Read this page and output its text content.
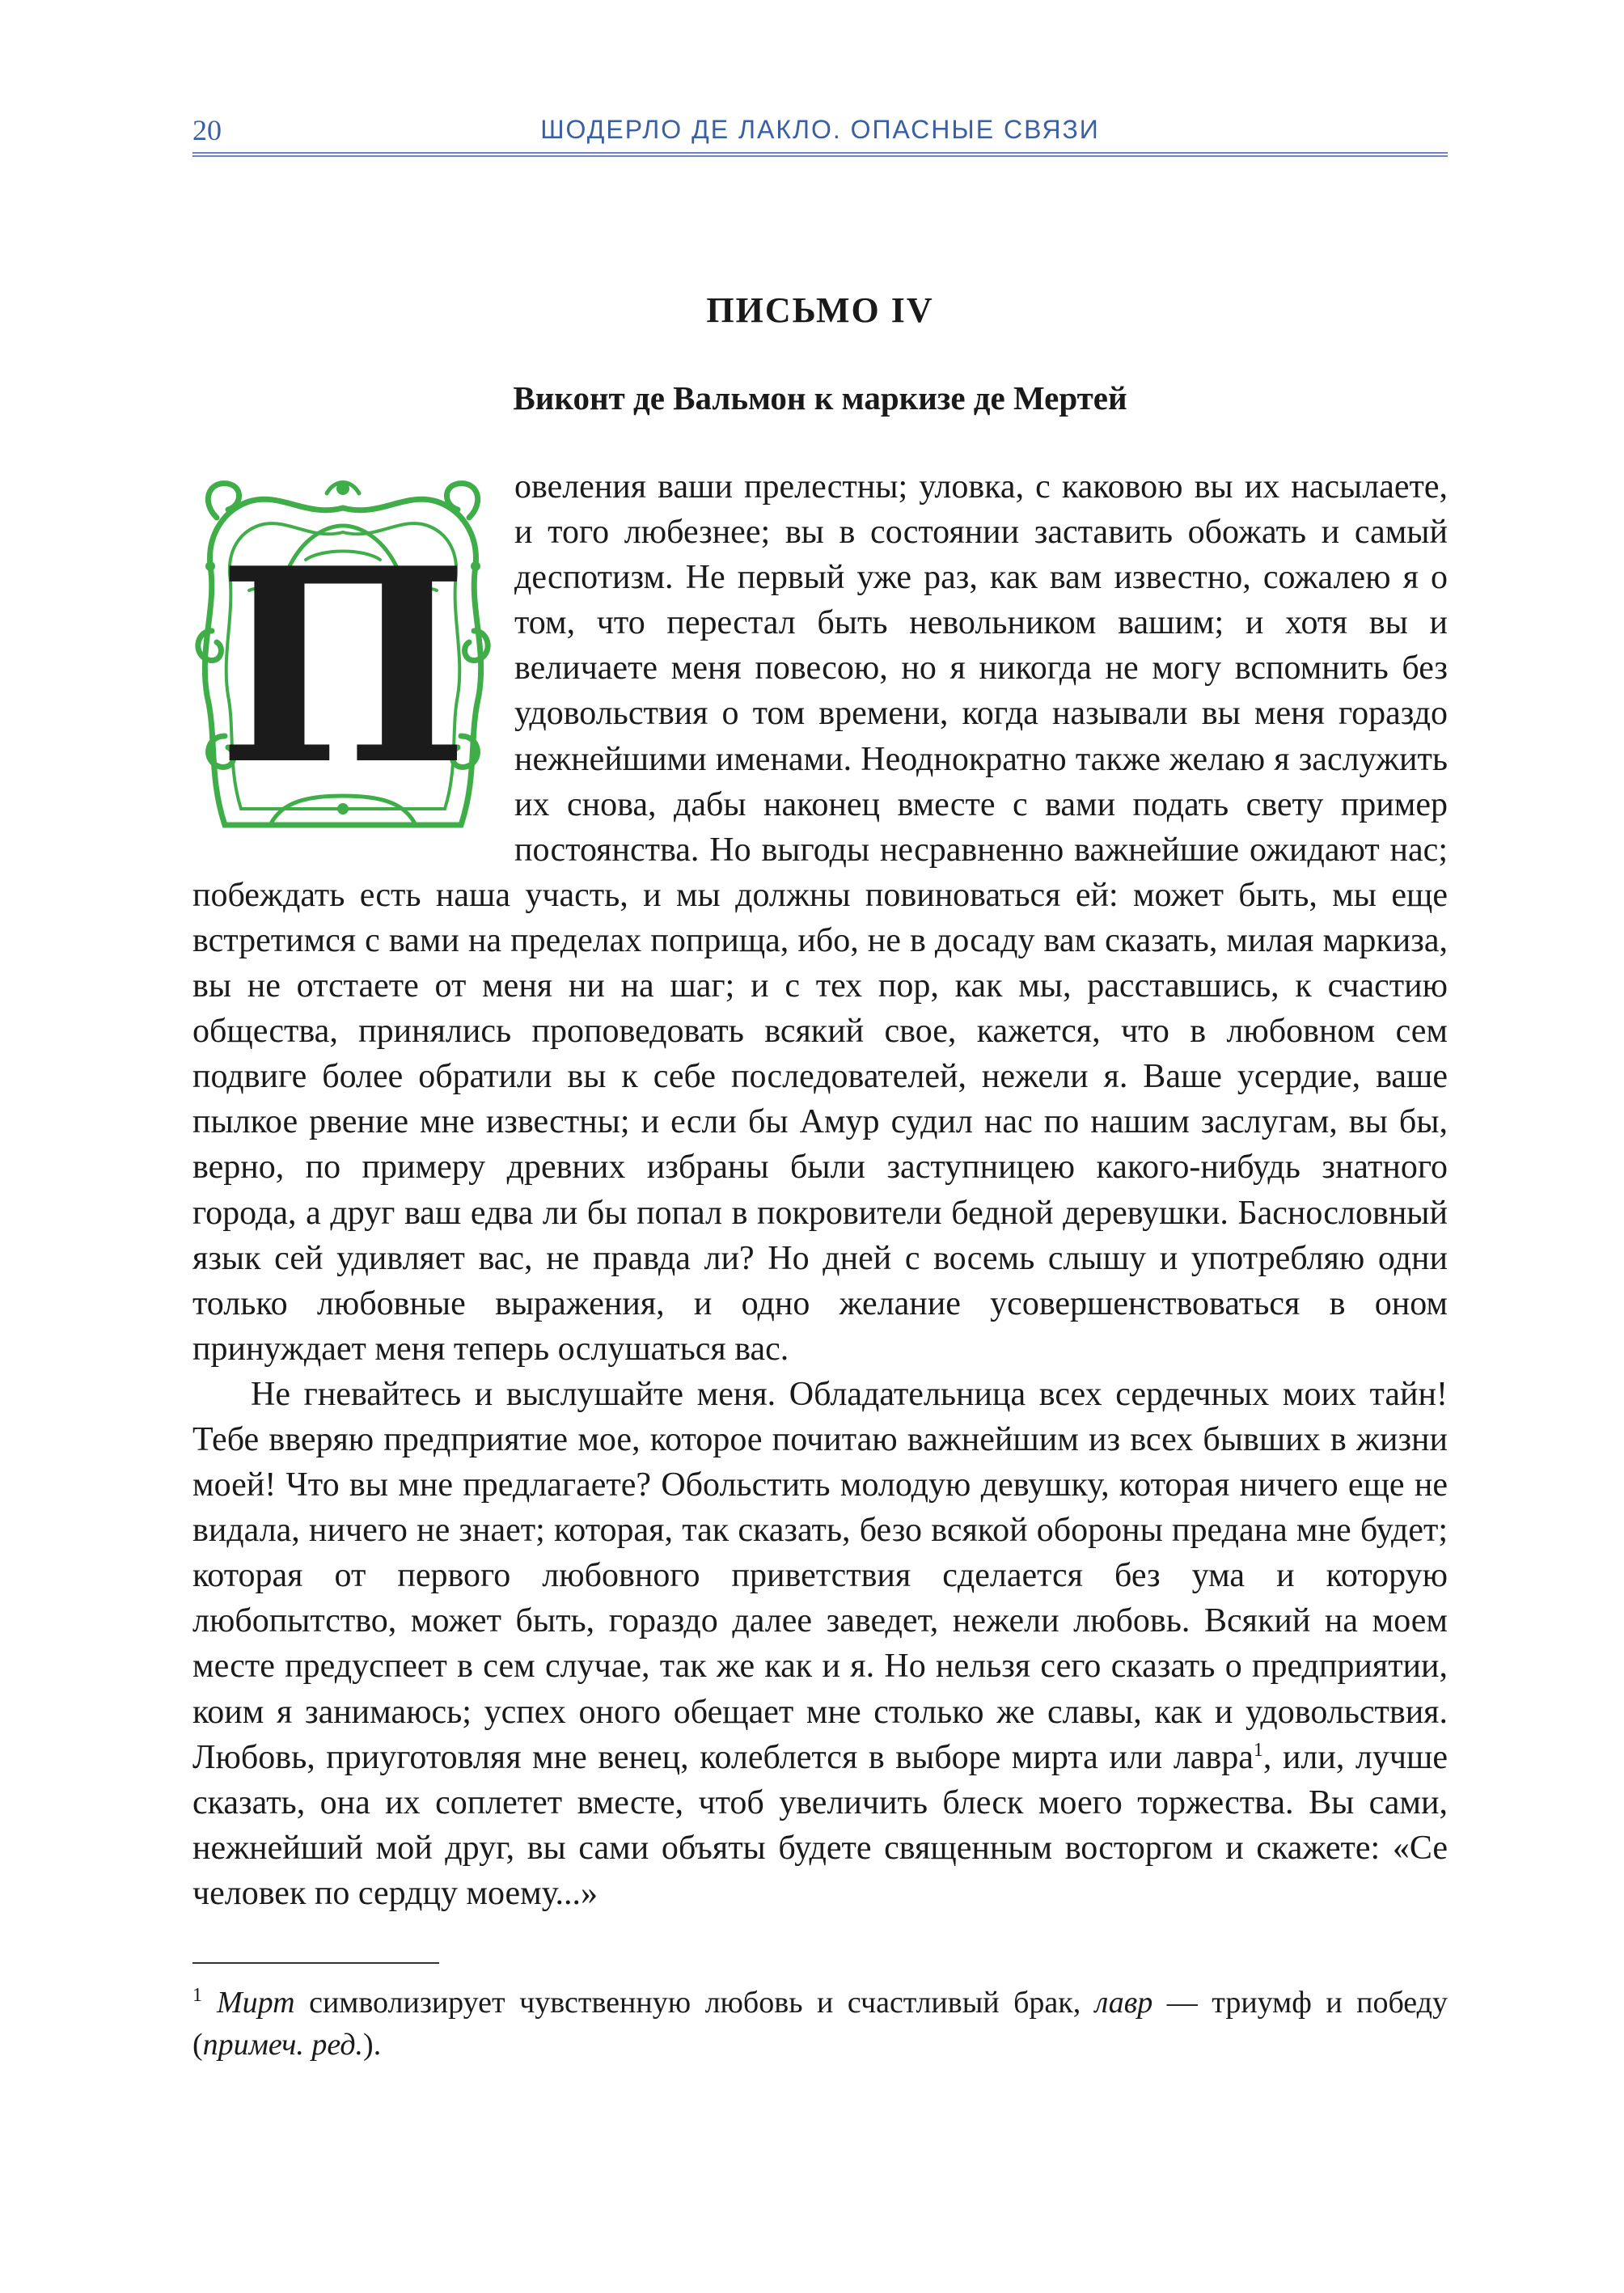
20	ШОДЕРЛО ДЕ ЛАКЛО. ОПАСНЫЕ СВЯЗИ
ПИСЬМО IV
Виконт де Вальмон к маркизе де Мертей

П
овеления ваши прелестны; уловка, с каковою вы их насылаете, и того любезнее; вы в состоянии заставить обожать и самый деспотизм. Не первый уже раз, как вам известно, сожалею я о том, что перестал быть невольником вашим; и хотя вы и величаете меня повесою, но я никогда не могу вспомнить без удовольствия о том времени, когда называли вы меня гораздо нежнейшими именами. Неоднократно также желаю я заслужить их снова, дабы наконец вместе с вами подать свету пример постоянства. Но выгоды несравненно важнейшие ожидают нас; побеждать есть наша участь, и мы должны повиноваться ей: может быть, мы еще встретимся с вами на пределах поприща, ибо, не в досаду вам сказать, милая маркиза, вы не отстаете от меня ни на шаг; и с тех пор, как мы, расставшись, к счастию общества, принялись проповедовать всякий свое, кажется, что в любовном сем подвиге более обратили вы к себе последователей, нежели я. Ваше усердие, ваше пылкое рвение мне известны; и если бы Амур судил нас по нашим заслугам, вы бы, верно, по примеру древних избраны были заступницею какого-нибудь знатного города, а друг ваш едва ли бы попал в покровители бедной деревушки. Баснословный язык сей удивляет вас, не правда ли? Но дней с восемь слышу и употребляю одни только любовные выражения, и одно желание усовершенствоваться в оном принуждает меня теперь ослушаться вас.

Не гневайтесь и выслушайте меня. Обладательница всех сердечных моих тайн! Тебе вверяю предприятие мое, которое почитаю важнейшим из всех бывших в жизни моей! Что вы мне предлагаете? Обольстить молодую девушку, которая ничего еще не видала, ничего не знает; которая, так сказать, безо всякой обороны предана мне будет; которая от первого любовного приветствия сделается без ума и которую любопытство, может быть, гораздо далее заведет, нежели любовь. Всякий на моем месте предуспеет в сем случае, так же как и я. Но нельзя сего сказать о предприятии, коим я занимаюсь; успех оного обещает мне столько же славы, как и удовольствия. Любовь, приуготовляя мне венец, колеблется в выборе мирта или лавра$^1$, или, лучше сказать, она их соплетет вместе, чтоб увеличить блеск моего торжества. Вы сами, нежнейший мой друг, вы сами объяты будете священным восторгом и скажете: «Се человек по сердцу моему...»

$^1$ Мирт символизирует чувственную любовь и счастливый брак, лавр — триумф и победу (примеч. ред.).
